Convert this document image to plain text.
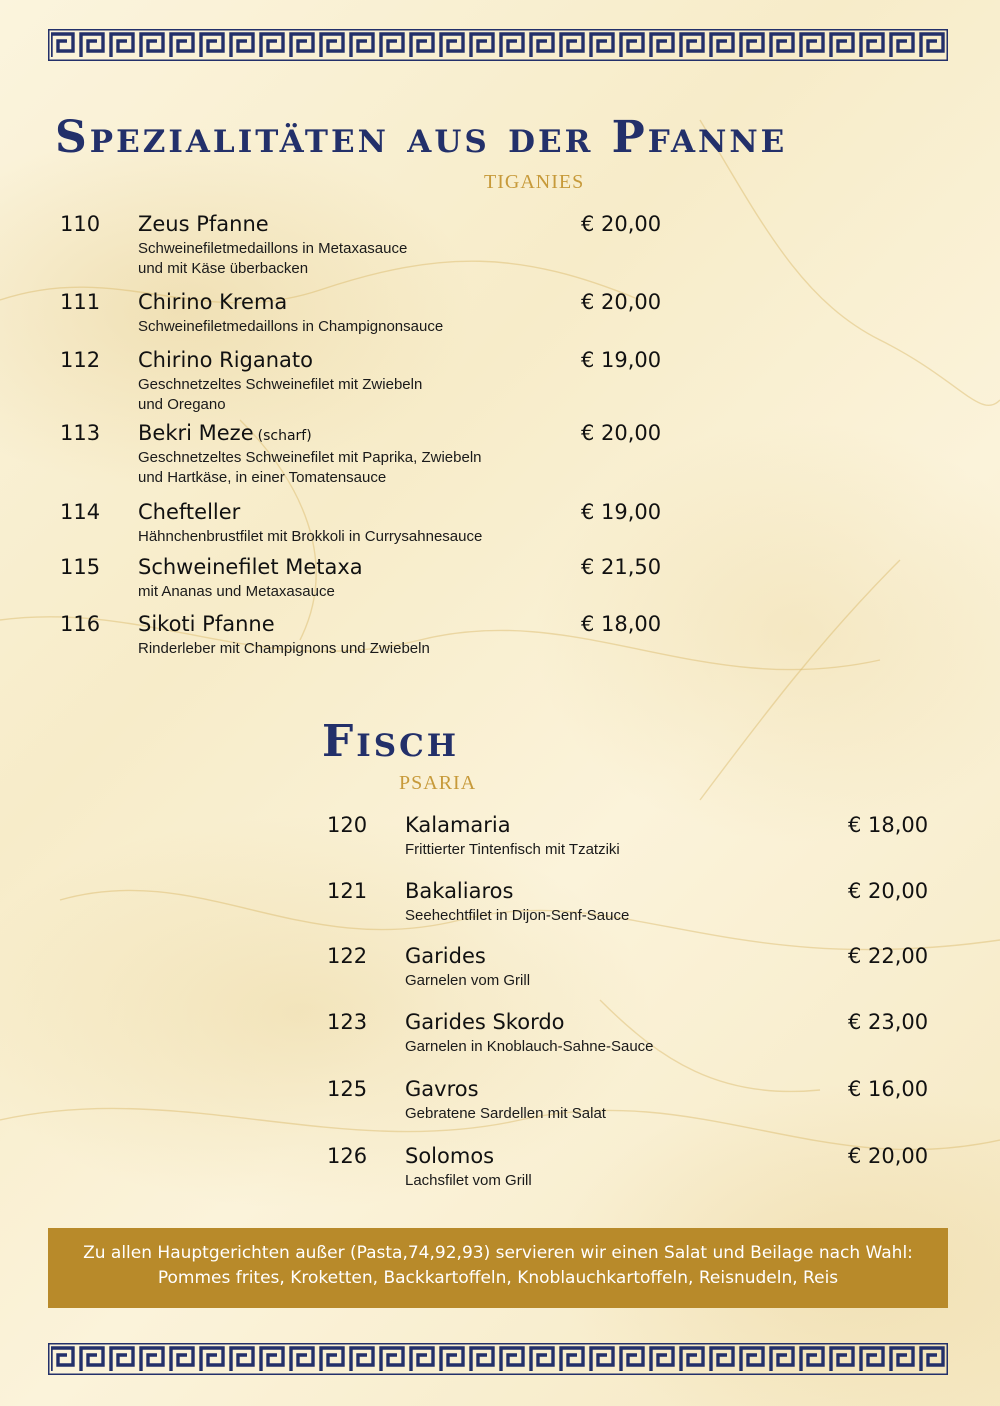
Spezialitäten aus der Pfanne
TIGANIES
110 Zeus Pfanne
Schweinefiletmedaillons in Metaxasauce
und mit Käse überbacken
€ 20,00
111 Chirino Krema
Schweinefiletmedaillons in Champignonsauce
€ 20,00
112 Chirino Riganato
Geschnetzeltes Schweinefilet mit Zwiebeln
und Oregano
€ 19,00
113 Bekri Meze (scharf)
Geschnetzeltes Schweinefilet mit Paprika, Zwiebeln
und Hartkäse, in einer Tomatensauce
€ 20,00
114 Chefteller
Hähnchenbrustfilet mit Brokkoli in Currysahnesauce
€ 19,00
115 Schweinefilet Metaxa
mit Ananas und Metaxasauce
€ 21,50
116 Sikoti Pfanne
Rinderleber mit Champignons und Zwiebeln
€ 18,00
Fisch
PSARIA
120 Kalamaria
Frittierter Tintenfisch mit Tzatziki
€ 18,00
121 Bakaliaros
Seehechtfilet in Dijon-Senf-Sauce
€ 20,00
122 Garides
Garnelen vom Grill
€ 22,00
123 Garides Skordo
Garnelen in Knoblauch-Sahne-Sauce
€ 23,00
125 Gavros
Gebratene Sardellen mit Salat
€ 16,00
126 Solomos
Lachsfilet vom Grill
€ 20,00
Zu allen Hauptgerichten außer (Pasta,74,92,93) servieren wir einen Salat und Beilage nach Wahl:
Pommes frites, Kroketten, Backkartoffeln, Knoblauchkartoffeln, Reisnudeln, Reis
